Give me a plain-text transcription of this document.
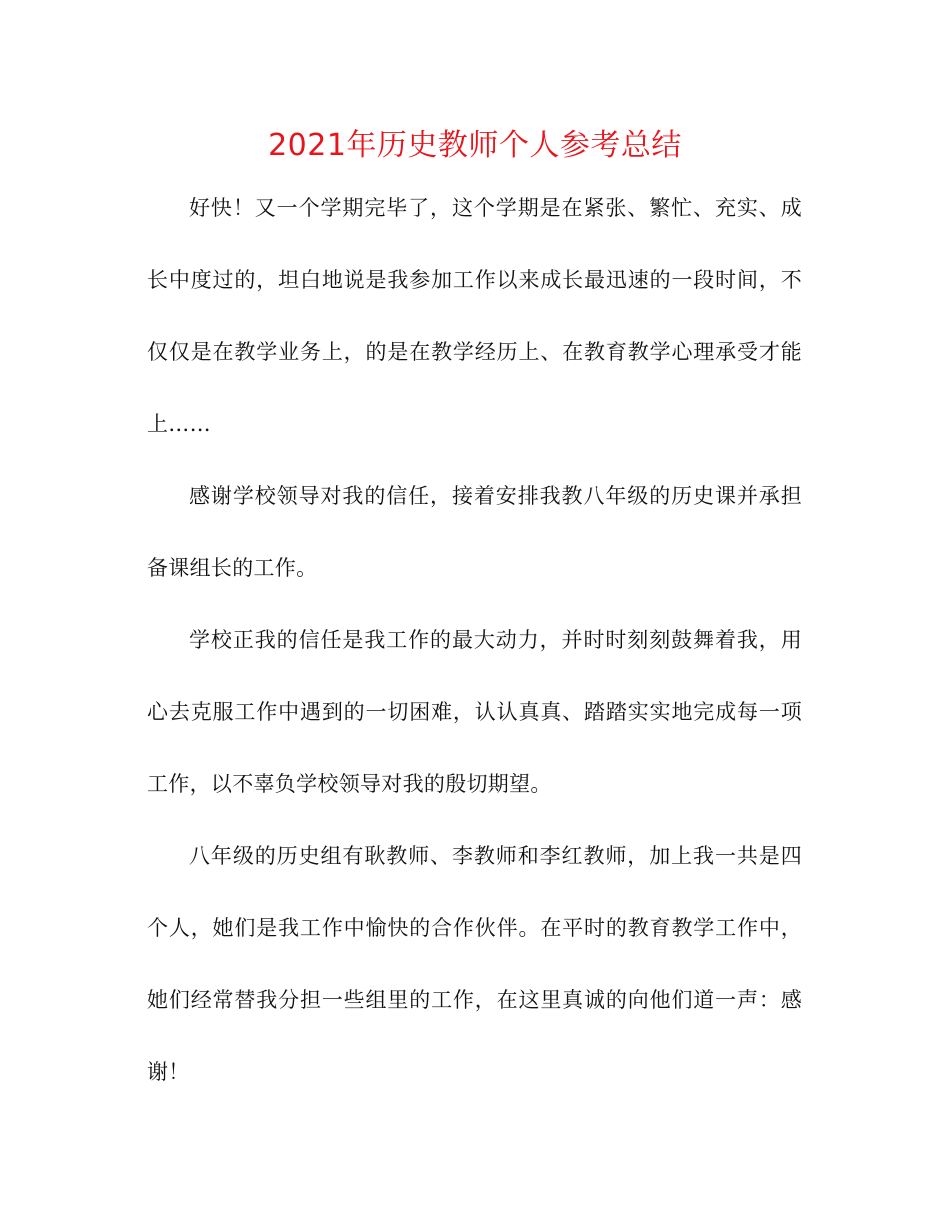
2021年历史教师个人参考总结

好快！又一个学期完毕了，这个学期是在紧张、繁忙、充实、成长中度过的，坦白地说是我参加工作以来成长最迅速的一段时间，不仅仅是在教学业务上，的是在教学经历上、在教育教学心理承受才能上……

感谢学校领导对我的信任，接着安排我教八年级的历史课并承担备课组长的工作。

学校正我的信任是我工作的最大动力，并时时刻刻鼓舞着我，用心去克服工作中遇到的一切困难，认认真真、踏踏实实地完成每一项工作，以不辜负学校领导对我的殷切期望。

八年级的历史组有耿教师、李教师和李红教师，加上我一共是四个人，她们是我工作中愉快的合作伙伴。在平时的教育教学工作中，她们经常替我分担一些组里的工作，在这里真诚的向他们道一声：感谢！
